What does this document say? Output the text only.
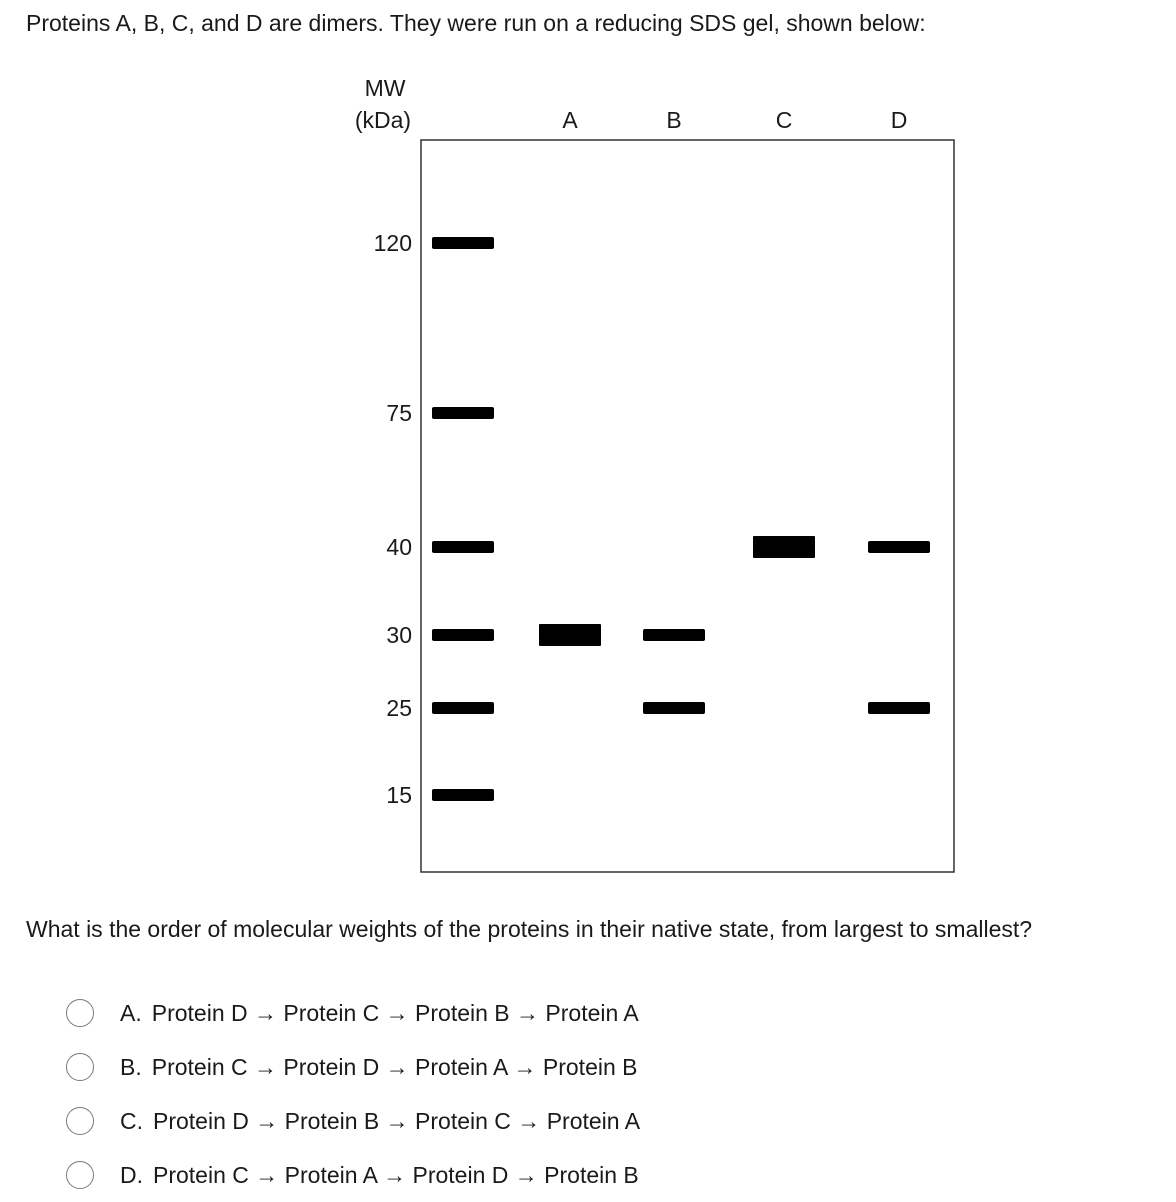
Proteins A, B, C, and D are dimers. They were run on a reducing SDS gel, shown below:
MW
(kDa)	A	B	C	D
120
75
40
30
25
15
What is the order of molecular weights of the proteins in their native state, from largest to smallest?
A. Protein D → Protein C → Protein B → Protein A
B. Protein C → Protein D → Protein A → Protein B
C. Protein D → Protein B → Protein C → Protein A
D. Protein C → Protein A → Protein D → Protein B
